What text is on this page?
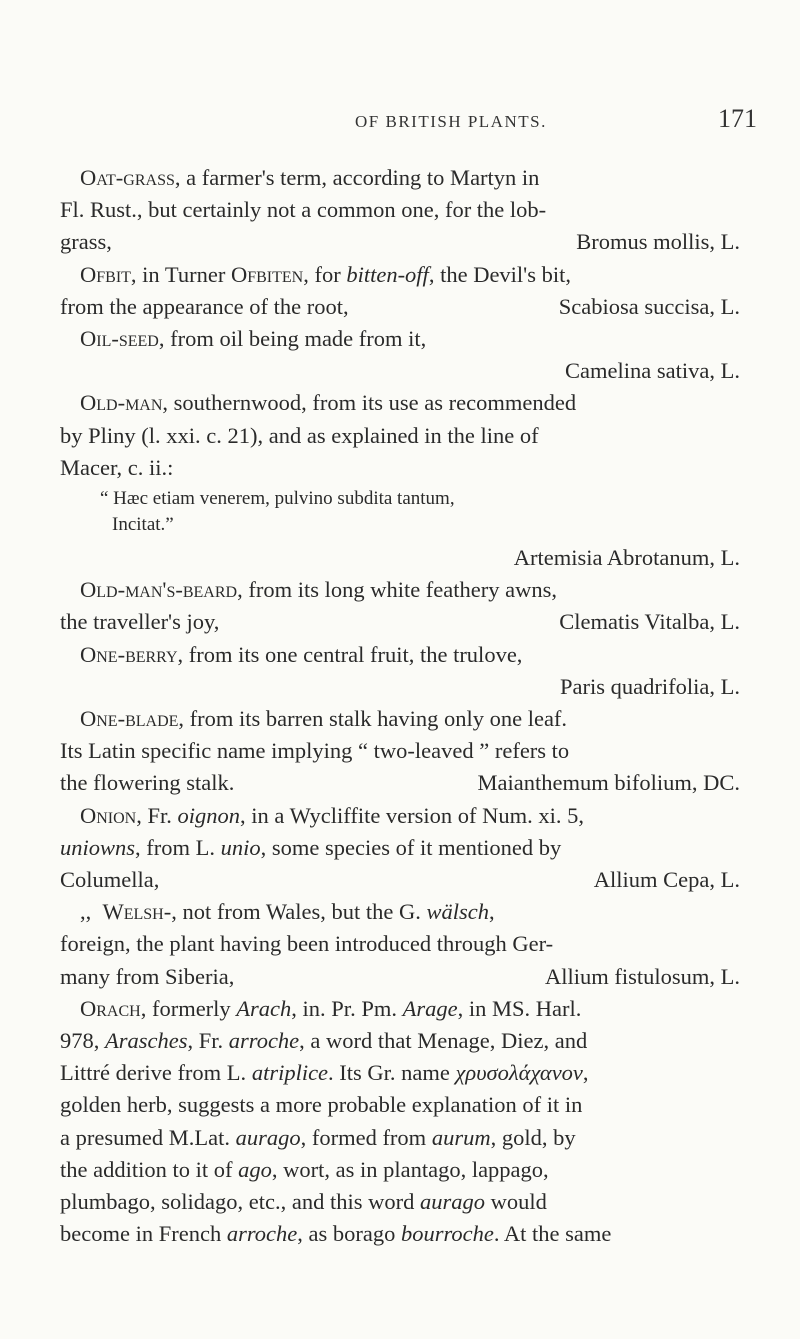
OF BRITISH PLANTS.	171
Oat-grass, a farmer's term, according to Martyn in
Fl. Rust., but certainly not a common one, for the lob-
grass,	Bromus mollis, L.
Ofbit, in Turner Ofbiten, for bitten-off, the Devil's bit,
from the appearance of the root,	Scabiosa succisa, L.
Oil-seed, from oil being made from it,
Camelina sativa, L.
Old-man, southernwood, from its use as recommended
by Pliny (l. xxi. c. 21), and as explained in the line of
Macer, c. ii.:
“ Hæc etiam venerem, pulvino subdita tantum,
Incitat.”
Artemisia Abrotanum, L.
Old-man's-beard, from its long white feathery awns,
the traveller's joy,	Clematis Vitalba, L.
One-berry, from its one central fruit, the trulove,
Paris quadrifolia, L.
One-blade, from its barren stalk having only one leaf.
Its Latin specific name implying “ two-leaved ” refers to
the flowering stalk.	Maianthemum bifolium, DC.
Onion, Fr. oignon, in a Wycliffite version of Num. xi. 5,
uniowns, from L. unio, some species of it mentioned by
Columella,	Allium Cepa, L.
,, Welsh-, not from Wales, but the G. wälsch,
foreign, the plant having been introduced through Ger-
many from Siberia,	Allium fistulosum, L.
Orach, formerly Arach, in. Pr. Pm. Arage, in MS. Harl.
978, Arasches, Fr. arroche, a word that Menage, Diez, and
Littré derive from L. atriplice. Its Gr. name χρυσολάχανον,
golden herb, suggests a more probable explanation of it in
a presumed M.Lat. aurago, formed from aurum, gold, by
the addition to it of ago, wort, as in plantago, lappago,
plumbago, solidago, etc., and this word aurago would
become in French arroche, as borago bourroche. At the same
